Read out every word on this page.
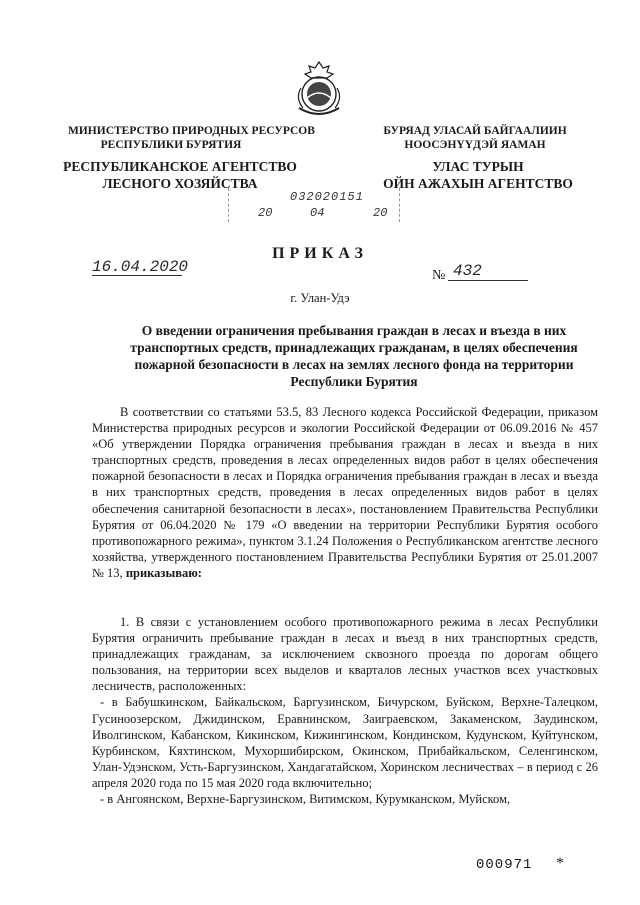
МИНИСТЕРСТВО ПРИРОДНЫХ РЕСУРСОВ
РЕСПУБЛИКИ БУРЯТИЯ
РЕСПУБЛИКАНСКОЕ АГЕНТСТВО
ЛЕСНОГО ХОЗЯЙСТВА
БУРЯАД УЛАСАЙ БАЙГААЛИИН
НООСЭНҮҮДЭЙ ЯАМАН
УЛАС ТУРЫН
ОЙН АЖАХЫН АГЕНТСТВО
032020151
20	04	20
ПРИКАЗ
16.04.2020	№ 432
г. Улан-Удэ
О введении ограничения пребывания граждан в лесах и въезда в них транспортных средств, принадлежащих гражданам, в целях обеспечения пожарной безопасности в лесах на землях лесного фонда на территории Республики Бурятия

В соответствии со статьями 53.5, 83 Лесного кодекса Российской Федерации, приказом Министерства природных ресурсов и экологии Российской Федерации от 06.09.2016 № 457 «Об утверждении Порядка ограничения пребывания граждан в лесах и въезда в них транспортных средств, проведения в лесах определенных видов работ в целях обеспечения пожарной безопасности в лесах и Порядка ограничения пребывания граждан в лесах и въезда в них транспортных средств, проведения в лесах определенных видов работ в целях обеспечения санитарной безопасности в лесах», постановлением Правительства Республики Бурятия от 06.04.2020 № 179 «О введении на территории Республики Бурятия особого противопожарного режима», пунктом 3.1.24 Положения о Республиканском агентстве лесного хозяйства, утвержденного постановлением Правительства Республики Бурятия от 25.01.2007 № 13, приказываю:

1. В связи с установлением особого противопожарного режима в лесах Республики Бурятия ограничить пребывание граждан в лесах и въезд в них транспортных средств, принадлежащих гражданам, за исключением сквозного проезда по дорогам общего пользования, на территории всех выделов и кварталов лесных участков всех участковых лесничеств, расположенных:

- в Бабушкинском, Байкальском, Баргузинском, Бичурском, Буйском, Верхне-Талецком, Гусиноозерском, Джидинском, Еравнинском, Заиграевском, Закаменском, Заудинском, Иволгинском, Кабанском, Кикинском, Кижингинском, Кондинском, Кудунском, Куйтунском, Курбинском, Кяхтинском, Мухоршибирском, Окинском, Прибайкальском, Селенгинском, Улан-Удэнском, Усть-Баргузинском, Хандагатайском, Хоринском лесничествах – в период с 26 апреля 2020 года по 15 мая 2020 года включительно;

- в Ангоянском, Верхне-Баргузинском, Витимском, Курумканском, Муйском,

000971 *
